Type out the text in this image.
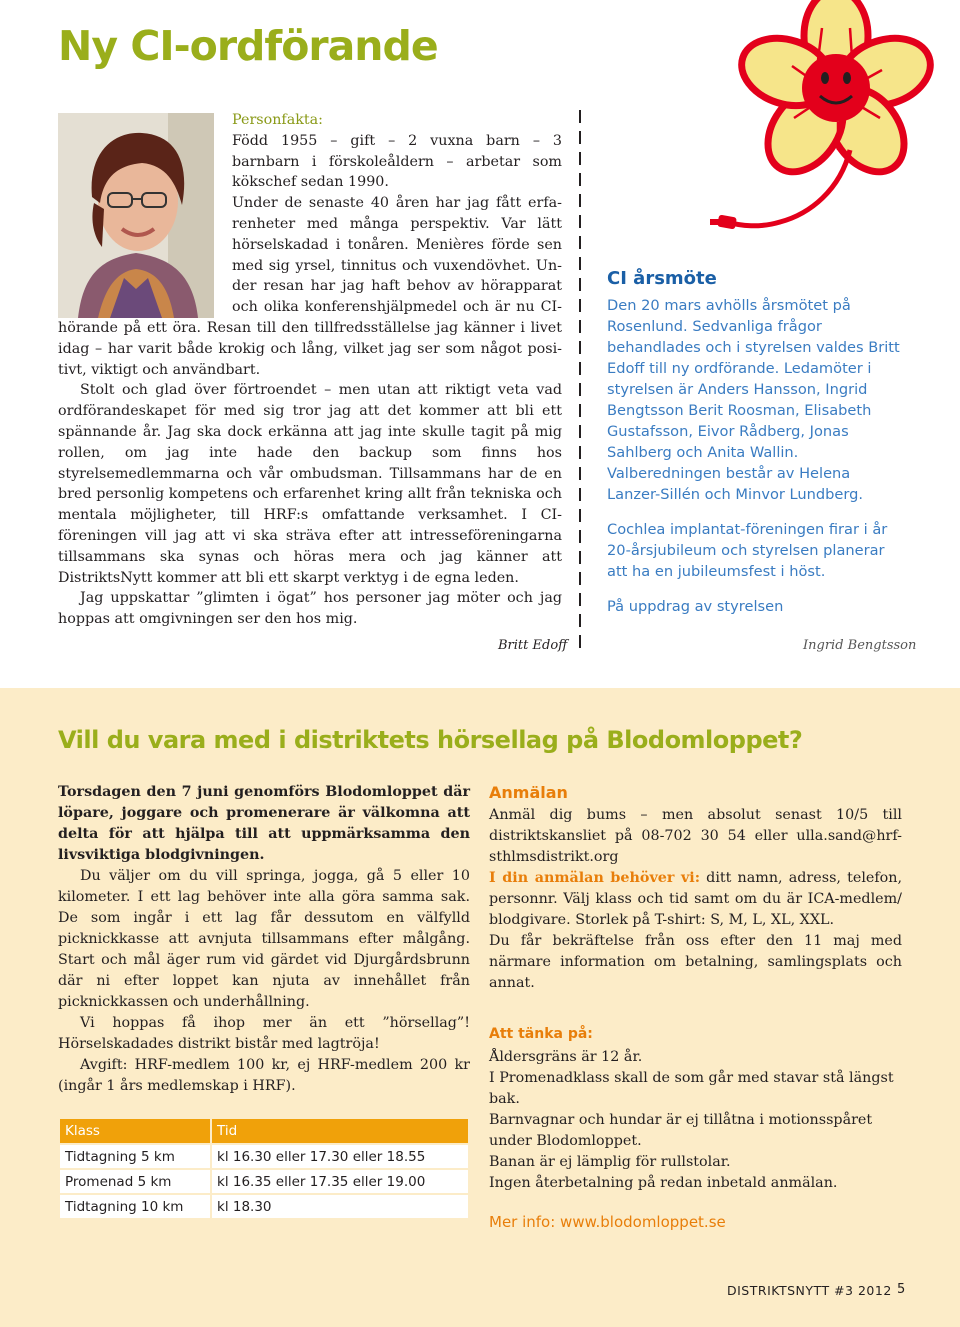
Ny CI-ordförande
Personfakta:
Född 1955 – gift – 2 vuxna barn – 3
barnbarn i förskoleåldern – arbetar som
kökschef sedan 1990.
Under de senaste 40 åren har jag fått erfa-
renheter med många perspektiv. Var lätt
hörselskadad i tonåren. Menières förde sen
med sig yrsel, tinnitus och vuxendövhet. Un-
der resan har jag haft behov av hörapparat
och olika konferenshjälpmedel och är nu CI-
hörande på ett öra. Resan till den tillfredsställelse jag känner i livet
idag – har varit både krokig och lång, vilket jag ser som något posi-
tivt, viktigt och användbart.

Stolt och glad över förtroendet – men utan att riktigt veta vad ordförandeskapet för med sig tror jag att det kommer att bli ett spännande år. Jag ska dock erkänna att jag inte skulle tagit på mig rollen, om jag inte hade den backup som finns hos styrelsemedlemmarna och vår ombudsman. Tillsammans har de en bred personlig kompetens och erfarenhet kring allt från tekniska och mentala möjligheter, till HRF:s omfattande verksamhet. I CI-föreningen vill jag att vi ska sträva efter att intresseföreningarna tillsammans ska synas och höras mera och jag känner att DistriktsNytt kommer att bli ett skarpt verktyg i de egna leden.

Jag uppskattar ”glimten i ögat” hos personer jag möter och jag hoppas att omgivningen ser den hos mig.

Britt Edoff
CI årsmöte

Den 20 mars avhölls årsmötet på Rosenlund. Sedvanliga frågor behandlades och i styrelsen valdes Britt Edoff till ny ordförande. Ledamöter i styrelsen är Anders Hansson, Ingrid Bengtsson Berit Roosman, Elisabeth Gustafsson, Eivor Rådberg, Jonas Sahlberg och Anita Wallin. Valberedningen består av Helena Lanzer-Sillén och Minvor Lundberg.

Cochlea implantat-föreningen firar i år 20-årsjubileum och styrelsen planerar att ha en jubileumsfest i höst.

På uppdrag av styrelsen

Ingrid Bengtsson
Vill du vara med i distriktets hörsellag på Blodomloppet?

Torsdagen den 7 juni genomförs Blodomloppet där löpare, joggare och promenerare är välkomna att delta för att hjälpa till att uppmärksamma den livsviktiga blodgivningen.

Du väljer om du vill springa, jogga, gå 5 eller 10 kilometer. I ett lag behöver inte alla göra samma sak. De som ingår i ett lag får dessutom en välfylld picknickkasse att avnjuta tillsammans efter målgång. Start och mål äger rum vid gärdet vid Djurgårdsbrunn där ni efter loppet kan njuta av innehållet från picknickkassen och underhållning.

Vi hoppas få ihop mer än ett ”hörsellag”! Hörselskadades distrikt bistår med lagtröja!

Avgift: HRF-medlem 100 kr, ej HRF-medlem 200 kr (ingår 1 års medlemskap i HRF).

Klass	Tid
Tidtagning 5 km	kl 16.30 eller 17.30 eller 18.55
Promenad 5 km	kl 16.35 eller 17.35 eller 19.00
Tidtagning 10 km	kl 18.30
Anmälan

Anmäl dig bums – men absolut senast 10/5 till distriktskansliet på 08-702 30 54 eller ulla.sand@hrf-sthlmsdistrikt.org

I din anmälan behöver vi: ditt namn, adress, telefon, personnr. Välj klass och tid samt om du är ICA-medlem/ blodgivare. Storlek på T-shirt: S, M, L, XL, XXL.

Du får bekräftelse från oss efter den 11 maj med närmare information om betalning, samlingsplats och annat.

Att tänka på:
Åldersgräns är 12 år.
I Promenadklass skall de som går med stavar stå längst bak.
Barnvagnar och hundar är ej tillåtna i motionsspåret under Blodomloppet.
Banan är ej lämplig för rullstolar.
Ingen återbetalning på redan inbetald anmälan.
Mer info: www.blodomloppet.se
DISTRIKTSNYTT #3 2012 5
